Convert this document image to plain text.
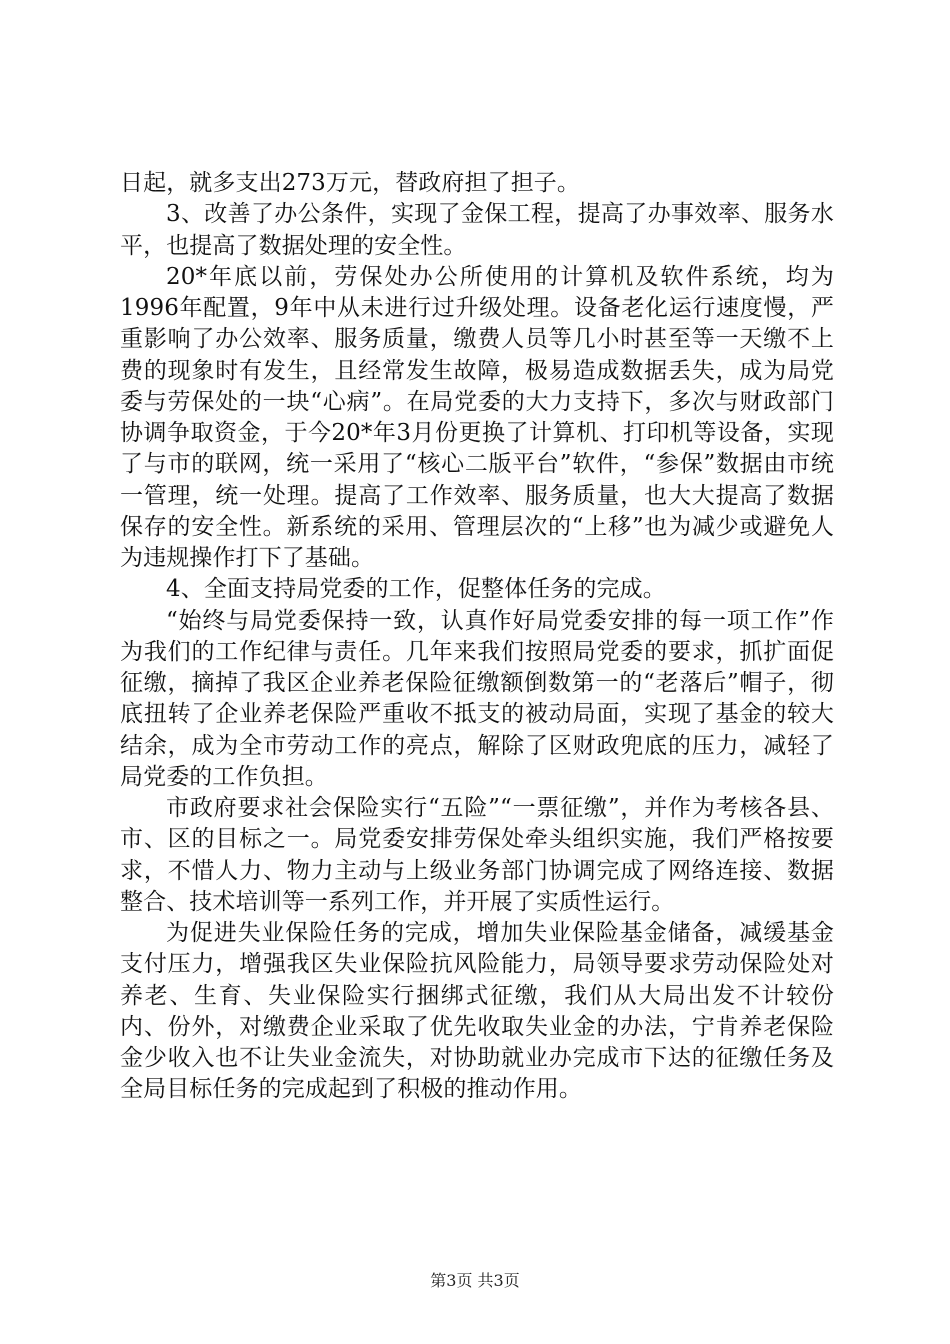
日起，就多支出273万元，替政府担了担子。

3、改善了办公条件，实现了金保工程，提高了办事效率、服务水平，也提高了数据处理的安全性。

20*年底以前，劳保处办公所使用的计算机及软件系统，均为1996年配置，9年中从未进行过升级处理。设备老化运行速度慢，严重影响了办公效率、服务质量，缴费人员等几小时甚至等一天缴不上费的现象时有发生，且经常发生故障，极易造成数据丢失，成为局党委与劳保处的一块“心病”。在局党委的大力支持下，多次与财政部门协调争取资金，于今20*年3月份更换了计算机、打印机等设备，实现了与市的联网，统一采用了“核心二版平台”软件，“参保”数据由市统一管理，统一处理。提高了工作效率、服务质量，也大大提高了数据保存的安全性。新系统的采用、管理层次的“上移”也为减少或避免人为违规操作打下了基础。

4、全面支持局党委的工作，促整体任务的完成。

“始终与局党委保持一致，认真作好局党委安排的每一项工作”作为我们的工作纪律与责任。几年来我们按照局党委的要求，抓扩面促征缴，摘掉了我区企业养老保险征缴额倒数第一的“老落后”帽子，彻底扭转了企业养老保险严重收不抵支的被动局面，实现了基金的较大结余，成为全市劳动工作的亮点，解除了区财政兜底的压力，减轻了局党委的工作负担。

市政府要求社会保险实行“五险”“一票征缴”，并作为考核各县、市、区的目标之一。局党委安排劳保处牵头组织实施，我们严格按要求，不惜人力、物力主动与上级业务部门协调完成了网络连接、数据整合、技术培训等一系列工作，并开展了实质性运行。

为促进失业保险任务的完成，增加失业保险基金储备，减缓基金支付压力，增强我区失业保险抗风险能力，局领导要求劳动保险处对养老、生育、失业保险实行捆绑式征缴，我们从大局出发不计较份内、份外，对缴费企业采取了优先收取失业金的办法，宁肯养老保险金少收入也不让失业金流失，对协助就业办完成市下达的征缴任务及全局目标任务的完成起到了积极的推动作用。

第3页 共3页
